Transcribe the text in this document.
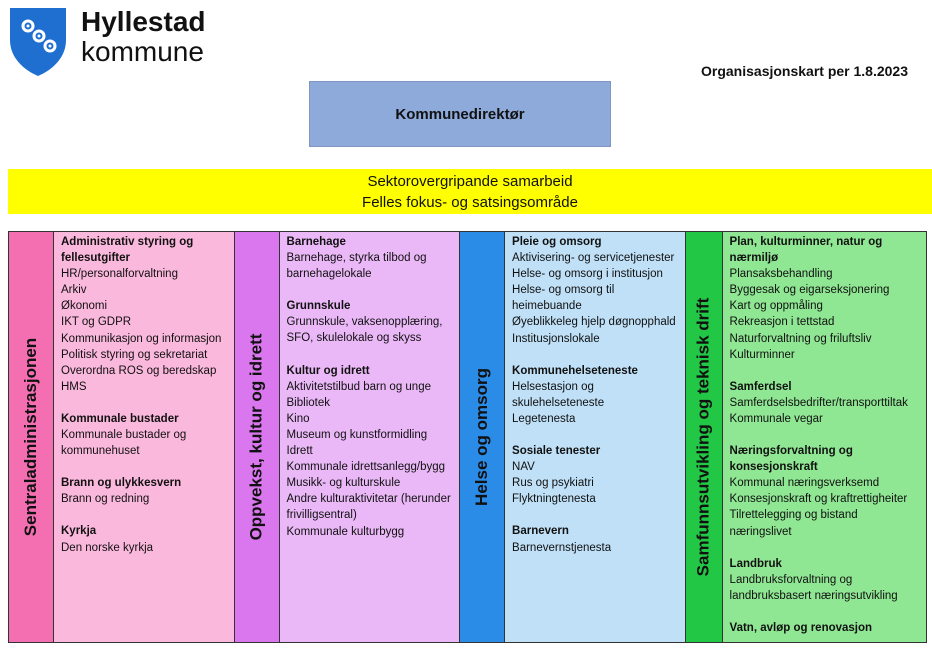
Hyllestad
kommune
Organisasjonskart per 1.8.2023
Kommunedirektør
Sektorovergripande samarbeid
Felles fokus- og satsingsområde
Sentraladministrasjonen
Administrativ styring og fellesutgifter
HR/personalforvaltning
Arkiv
Økonomi
IKT og GDPR
Kommunikasjon og informasjon
Politisk styring og sekretariat
Overordna ROS og beredskap
HMS
Kommunale bustader
Kommunale bustader og kommunehuset
Brann og ulykkesvern
Brann og redning
Kyrkja
Den norske kyrkja
Oppvekst, kultur og idrett
Barnehage
Barnehage, styrka tilbod og barnehagelokale
Grunnskule
Grunnskule, vaksenopplæring, SFO, skulelokale og skyss
Kultur og idrett
Aktivitetstilbud barn og unge
Bibliotek
Kino
Museum og kunstformidling
Idrett
Kommunale idrettsanlegg/bygg
Musikk- og kulturskule
Andre kulturaktivitetar (herunder frivilligsentral)
Kommunale kulturbygg
Helse og omsorg
Pleie og omsorg
Aktivisering- og servicetjenester
Helse- og omsorg i institusjon
Helse- og omsorg til heimebuande
Øyeblikkeleg hjelp døgnopphald
Institusjonslokale
Kommunehelseteneste
Helsestasjon og skulehelseteneste
Legetenesta
Sosiale tenester
NAV
Rus og psykiatri
Flyktningtenesta
Barnevern
Barnevernstjenesta	Samfunnsutvikling og teknisk drift
Plan, kulturminner, natur og nærmiljø
Plansaksbehandling
Byggesak og eigarseksjonering
Kart og oppmåling
Rekreasjon i tettstad
Naturforvaltning og friluftsliv
Kulturminner
Samferdsel
Samferdselsbedrifter/transporttiltak
Kommunale vegar
Næringsforvaltning og konsesjonskraft
Kommunal næringsverksemd
Konsesjonskraft og kraftrettigheiter
Tilrettelegging og bistand næringslivet
Landbruk
Landbruksforvaltning og landbruksbasert næringsutvikling
Vatn, avløp og renovasjon
